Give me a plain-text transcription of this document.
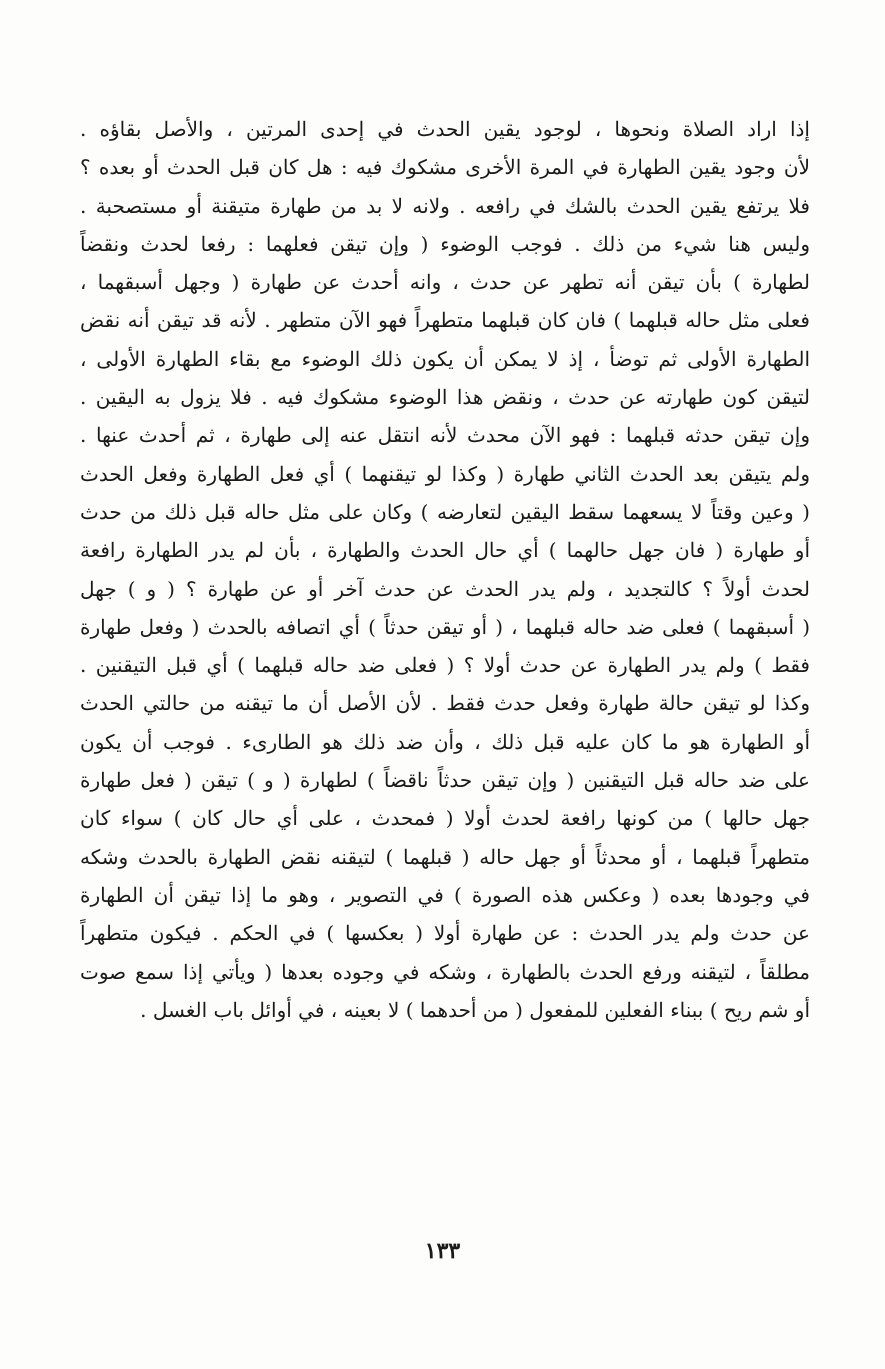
إذا اراد الصلاة ونحوها ، لوجود يقين الحدث في إحدى المرتين ، والأصل بقاؤه .
لأن وجود يقين الطهارة في المرة الأخرى مشكوك فيه : هل كان قبل الحدث أو بعده ؟
فلا يرتفع يقين الحدث بالشك في رافعه . ولانه لا بد من طهارة متيقنة أو مستصحبة .
وليس هنا شيء من ذلك . فوجب الوضوء ( وإن تيقن فعلهما : رفعا لحدث ونقضاً
لطهارة ) بأن تيقن أنه تطهر عن حدث ، وانه أحدث عن طهارة ( وجهل أسبقهما ،
فعلى مثل حاله قبلهما ) فان كان قبلهما متطهراً فهو الآن متطهر . لأنه قد تيقن أنه نقض
الطهارة الأولى ثم توضأ ، إذ لا يمكن أن يكون ذلك الوضوء مع بقاء الطهارة الأولى ،
لتيقن كون طهارته عن حدث ، ونقض هذا الوضوء مشكوك فيه . فلا يزول به اليقين .
وإن تيقن حدثه قبلهما : فهو الآن محدث لأنه انتقل عنه إلى طهارة ، ثم أحدث عنها .
ولم يتيقن بعد الحدث الثاني طهارة ( وكذا لو تيقنهما ) أي فعل الطهارة وفعل الحدث
( وعين وقتاً لا يسعهما سقط اليقين لتعارضه ) وكان على مثل حاله قبل ذلك من حدث
أو طهارة ( فان جهل حالهما ) أي حال الحدث والطهارة ، بأن لم يدر الطهارة رافعة
لحدث أولاً ؟ كالتجديد ، ولم يدر الحدث عن حدث آخر أو عن طهارة ؟ ( و ) جهل
( أسبقهما ) فعلى ضد حاله قبلهما ، ( أو تيقن حدثاً ) أي اتصافه بالحدث ( وفعل طهارة
فقط ) ولم يدر الطهارة عن حدث أولا ؟ ( فعلى ضد حاله قبلهما ) أي قبل التيقنين .
وكذا لو تيقن حالة طهارة وفعل حدث فقط . لأن الأصل أن ما تيقنه من حالتي الحدث
أو الطهارة هو ما كان عليه قبل ذلك ، وأن ضد ذلك هو الطارىء . فوجب أن يكون
على ضد حاله قبل التيقنين ( وإن تيقن حدثاً ناقضاً ) لطهارة ( و ) تيقن ( فعل طهارة
جهل حالها ) من كونها رافعة لحدث أولا ( فمحدث ، على أي حال كان ) سواء كان
متطهراً قبلهما ، أو محدثاً أو جهل حاله ( قبلهما ) لتيقنه نقض الطهارة بالحدث وشكه
في وجودها بعده ( وعكس هذه الصورة ) في التصوير ، وهو ما إذا تيقن أن الطهارة
عن حدث ولم يدر الحدث : عن طهارة أولا ( بعكسها ) في الحكم . فيكون متطهراً
مطلقاً ، لتيقنه ورفع الحدث بالطهارة ، وشكه في وجوده بعدها ( ويأتي إذا سمع صوت
أو شم ريح ) ببناء الفعلين للمفعول ( من أحدهما ) لا بعينه ، في أوائل باب الغسل .
١٣٣
